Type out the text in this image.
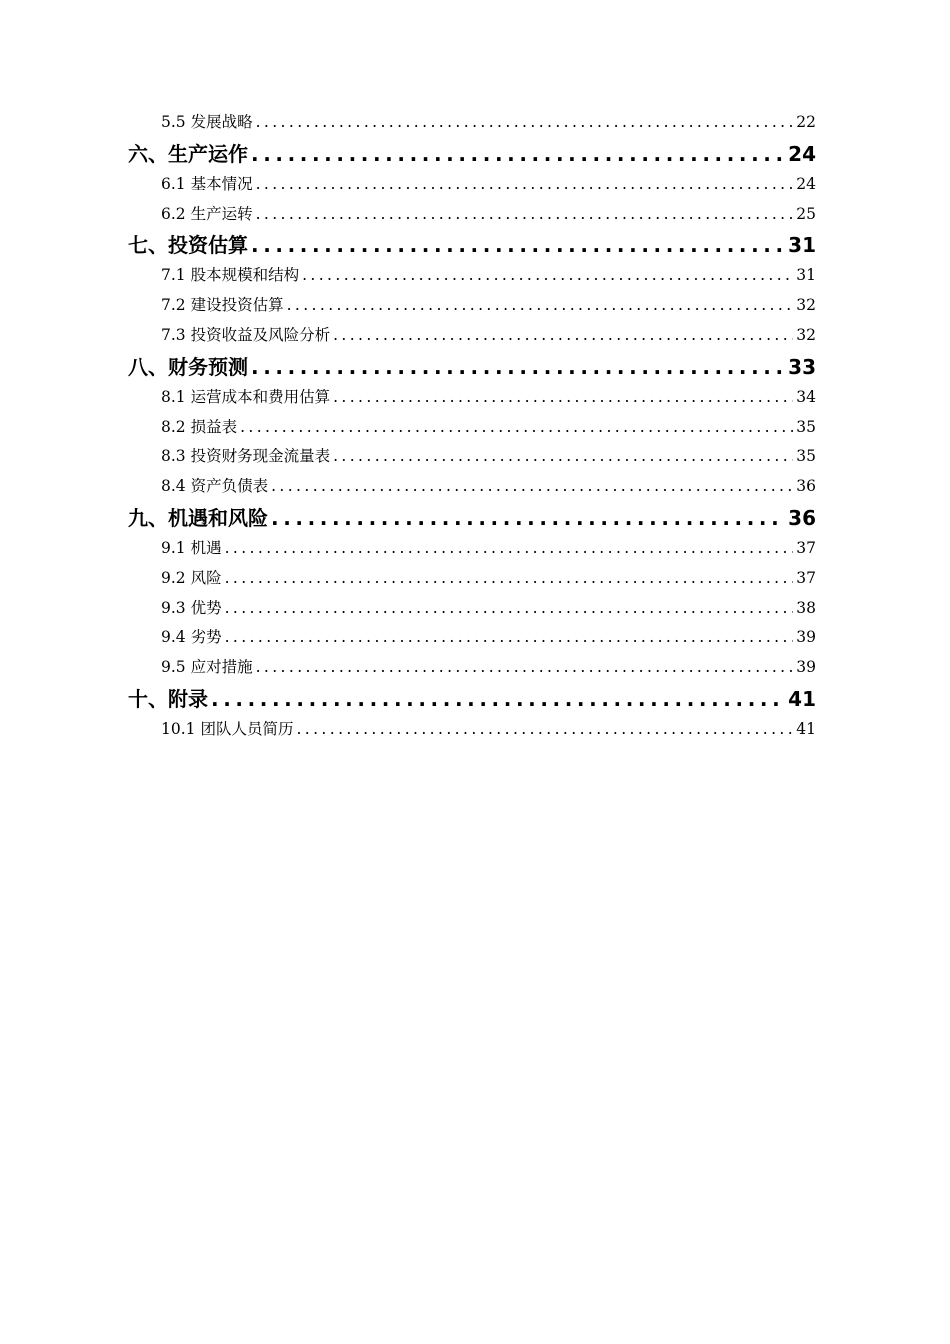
5.5 发展战略 .....	22
六、生产运作 .....	24
6.1 基本情况 .....	24
6.2 生产运转 .....	25
七、投资估算 .....	31
7.1 股本规模和结构 .....	31
7.2 建设投资估算 .....	32
7.3 投资收益及风险分析 .....	32
八、财务预测 .....	33
8.1 运营成本和费用估算 .....	34
8.2 损益表 .....	35
8.3 投资财务现金流量表 .....	35
8.4 资产负债表 .....	36
九、机遇和风险 .....	36
9.1 机遇 .....	37
9.2 风险 .....	37
9.3 优势 .....	38
9.4 劣势 .....	39
9.5 应对措施 .....	39
十、附录 .....	41
10.1 团队人员简历 .....	41
